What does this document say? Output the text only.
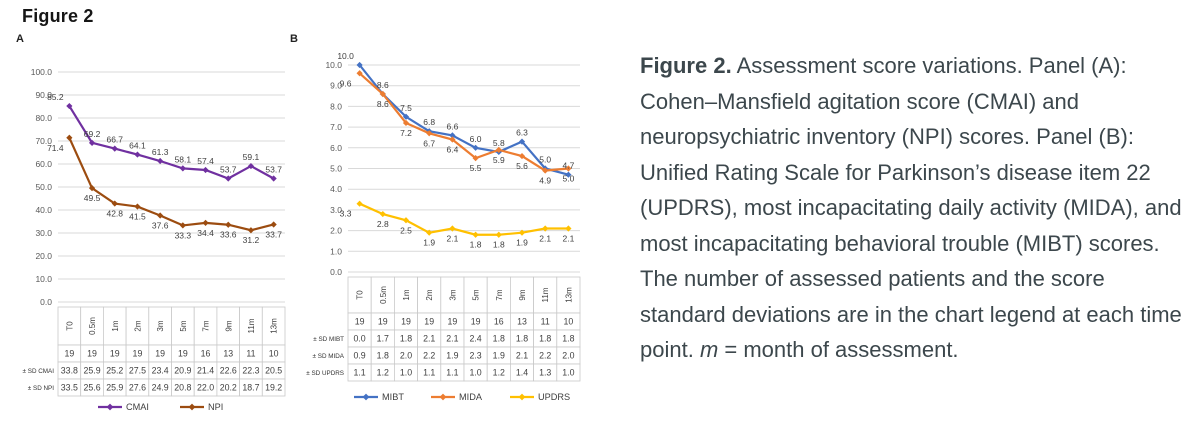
Figure 2
A
100.0
90.0
80.0
70.0
60.0
50.0
40.0
30.0
20.0
10.0
0.0
85.2
69.2
66.7
64.1
61.3
58.1 57.4
53.7
59.1
53.7
71.4
49.5
42.8 41.5
37.6
33.3 34.4 33.6
31.2
33.7
T0 0.5m 1m 2m 3m 5m 7m 9m 11m 13m
19 19 19 19 19 19 16 13 11 10
± SD CMAI 33.8 25.9 25.2 27.5 23.4 20.9 21.4 22.6 22.3 20.5
± SD NPI 33.5 25.6 25.9 27.6 24.9 20.8 22.0 20.2 18.7 19.2
CMAI	NPI
B
10.0
9.0
8.0
7.0
6.0
5.0
4.0
3.0
2.0
1.0
0.0
10.0
8.6
7.5
6.8 6.6
6.0 5.8
6.3
5.0
4.7
9.6
8.6
7.2
6.7
6.4
5.5
5.9
5.6
4.9 5.0
3.3
2.8
2.5
1.9 2.1
1.8 1.8 1.9 2.1 2.1
T0 0.5m 1m 2m 3m 5m 7m 9m 11m 13m
19 19 19 19 19 19 16 13 11 10
± SD MIBT 0.0 1.7 1.8 2.1 2.1 2.4 1.8 1.8 1.8 1.8
± SD MIDA 0.9 1.8 2.0 2.2 1.9 2.3 1.9 2.1 2.2 2.0
± SD UPDRS 1.1 1.2 1.0 1.1 1.1 1.0 1.2 1.4 1.3 1.0
MIBT	MIDA	UPDRS
Figure 2. Assessment score variations. Panel (A): Cohen–Mansfield agitation score (CMAI) and neuropsychiatric inventory (NPI) scores. Panel (B): Unified Rating Scale for Parkinson’s disease item 22 (UPDRS), most incapacitating daily activity (MIDA), and most incapacitating behavioral trouble (MIBT) scores. The number of assessed patients and the score standard deviations are in the chart legend at each time point. m = month of assessment.
